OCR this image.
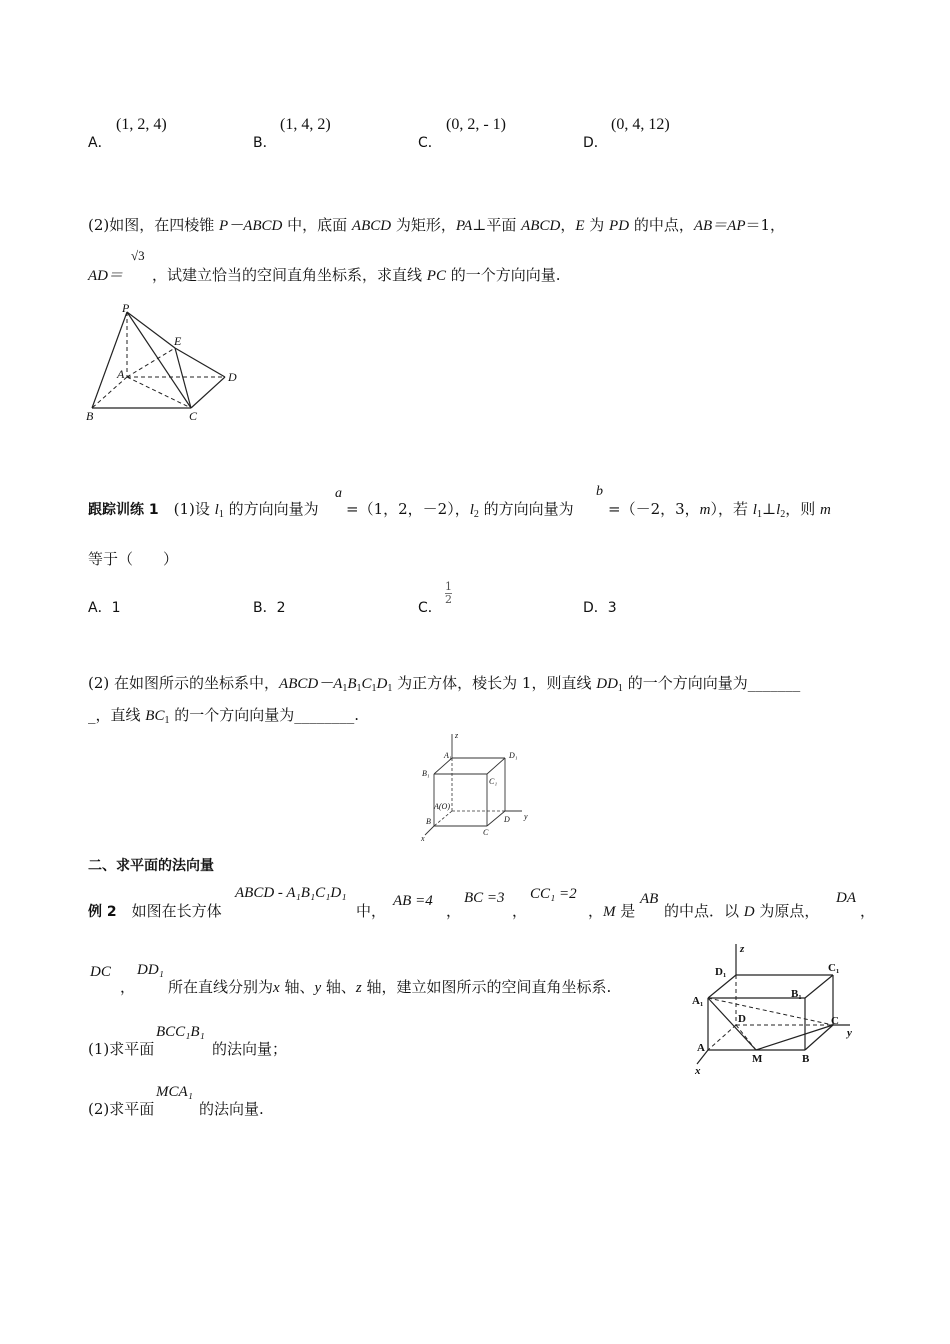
A．
(1, 2, 4)
B．
(1, 4, 2)
C．
(0, 2, - 1)
D．
(0, 4, 12)
(2)如图，在四棱锥 P－ABCD 中，底面 ABCD 为矩形，PA⊥平面 ABCD，E 为 PD 的中点，AB＝AP＝1，
AD＝
√3
，试建立恰当的空间直角坐标系，求直线 PC 的一个方向向量.
P
E
A	D
B	C
跟踪训练 1　(1)设 $l_1$ 的方向向量为
a
=（1，2，－2），$l_2$ 的方向向量为
b
=（－2，3，m），若 $l_1\perp l_2$，则 m
等于（　　）
A．1	B．2	C．
$\frac{1}{2}$
D．3
(2) 在如图所示的坐标系中，$ABCD-A_1B_1C_1D_1$ 为正方体，棱长为 1，则直线 $DD_1$ 的一个方向向量为_______
_，直线 $BC_1$ 的一个方向向量为________.
z
A₁	D₁
B₁
C₁
A(O)
B
C
D y
x
二、求平面的法向量
例 2　如图在长方体
ABCD - A₁B₁C₁D₁
中，
AB =4
，
BC =3
，
CC₁ =2
，M 是
AB
的中点．以 D 为原点，
DA
，
DC
，
DD₁
所在直线分别为x 轴、y 轴、z 轴，建立如图所示的空间直角坐标系.
(1)求平面
BCC₁B₁
的法向量；
(2)求平面
MCA₁
的法向量.
z
D₁	C₁
A₁
B₁
D	C
y
A
M	B
x
